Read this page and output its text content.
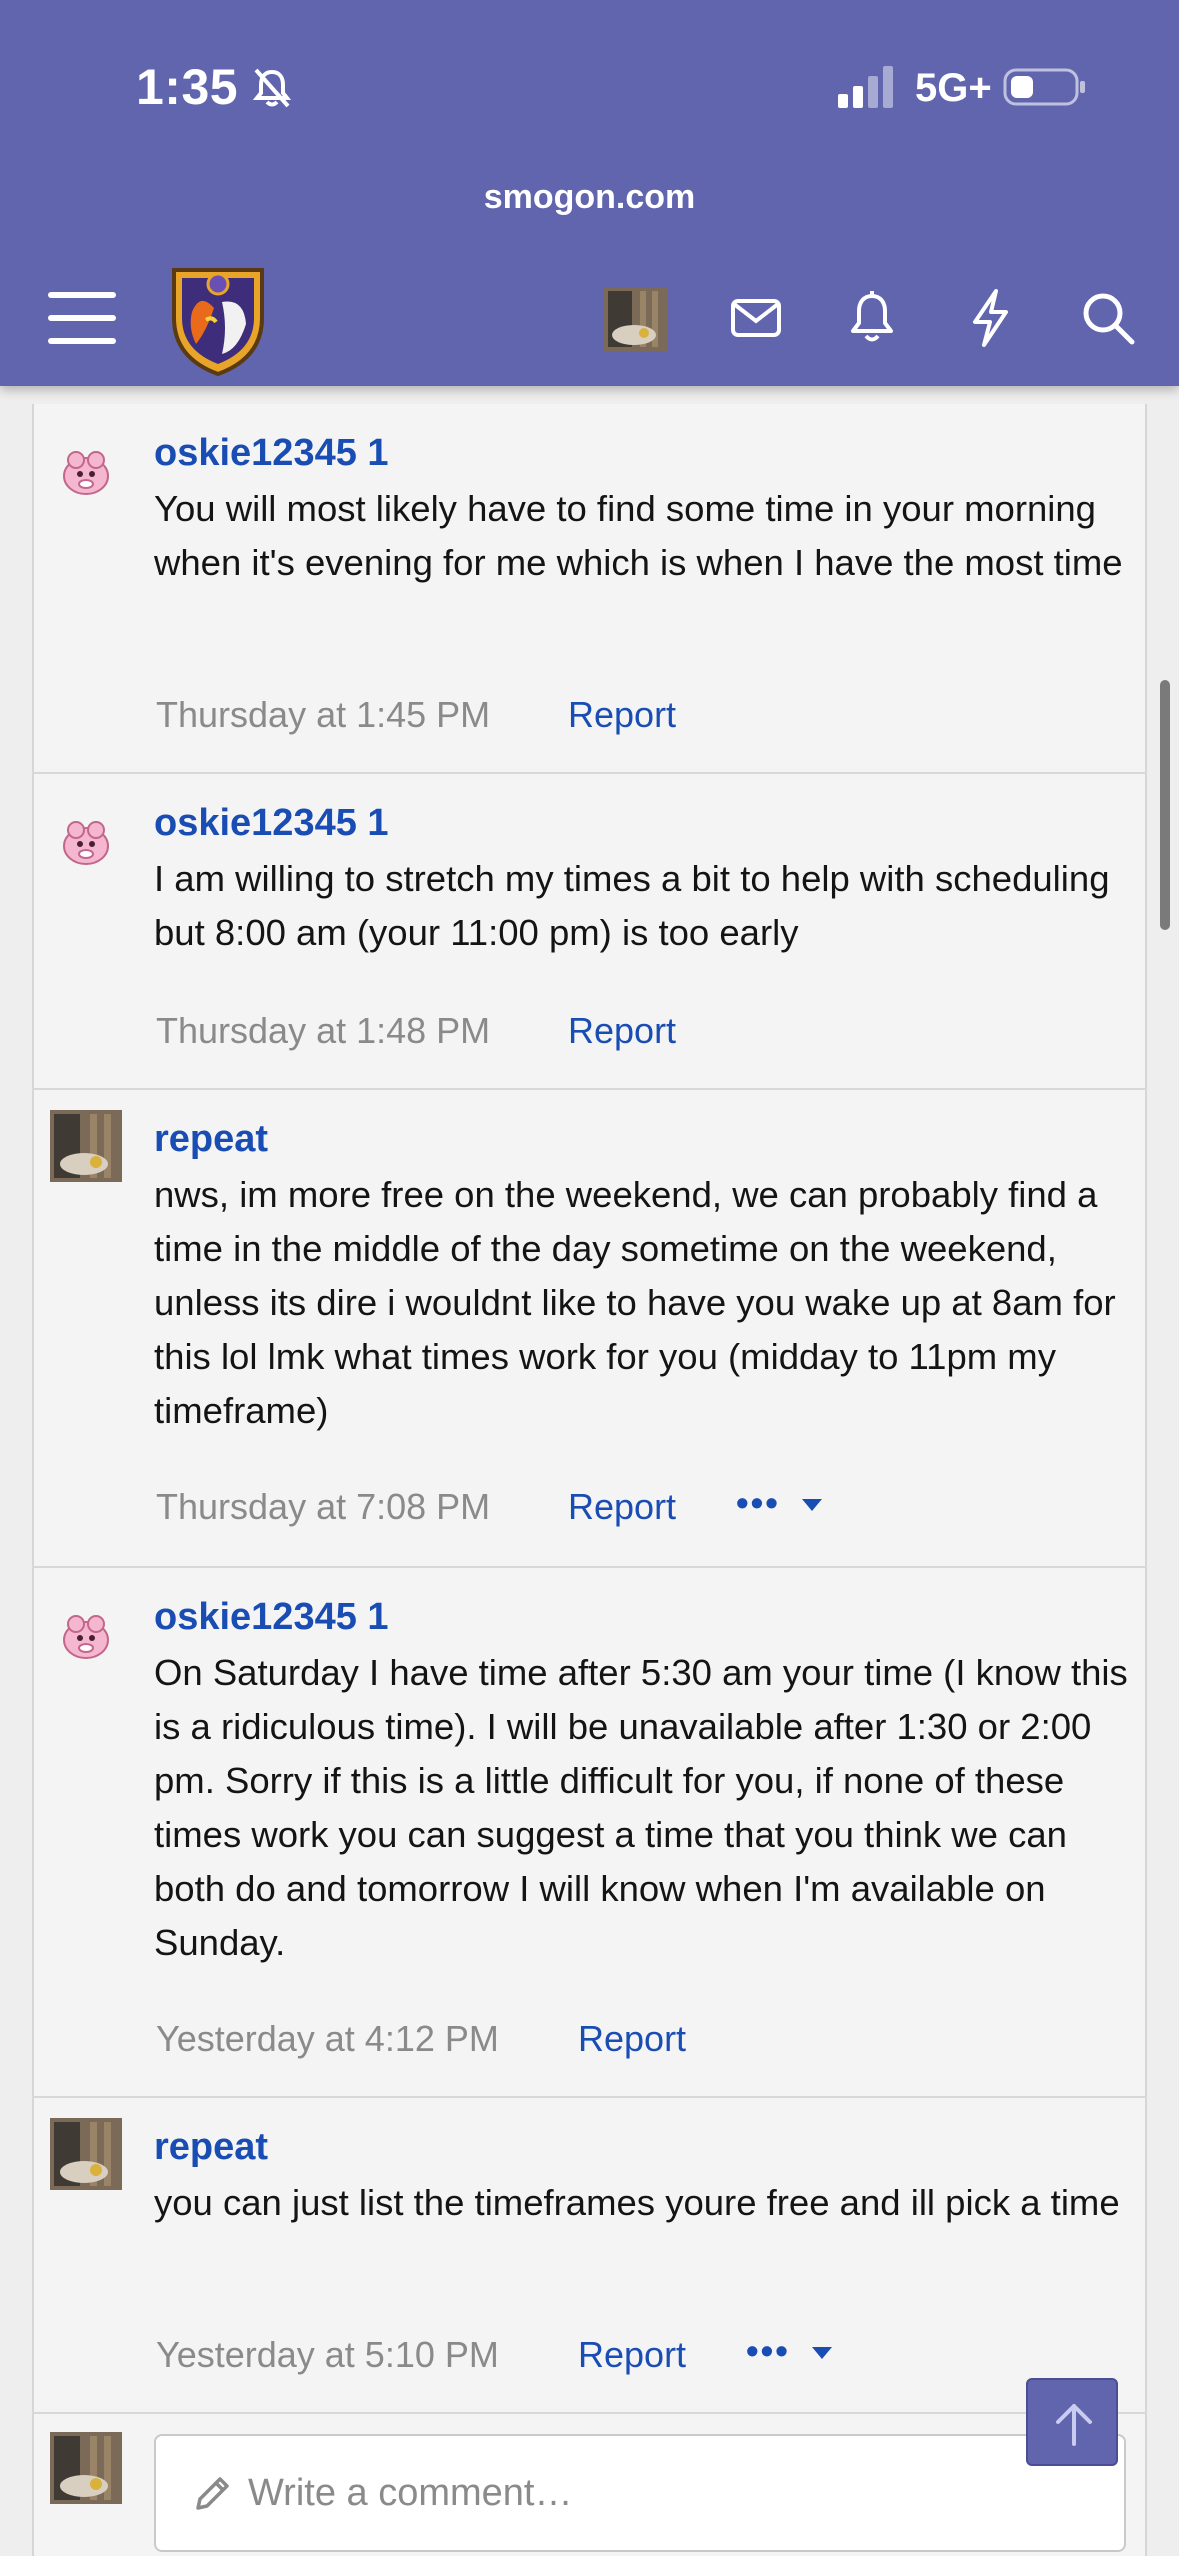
1:35	5G+
smogon.com
oskie12345 1
You will most likely have to find some time in your morning when it's evening for me which is when I have the most time
Thursday at 1:45 PM Report
oskie12345 1
I am willing to stretch my times a bit to help with scheduling but 8:00 am (your 11:00 pm) is too early
Thursday at 1:48 PM Report
repeat
nws, im more free on the weekend, we can probably find a time in the middle of the day sometime on the weekend, unless its dire i wouldnt like to have you wake up at 8am for this lol lmk what times work for you (midday to 11pm my timeframe)
Thursday at 7:08 PM Report •••
oskie12345 1
On Saturday I have time after 5:30 am your time (I know this is a ridiculous time). I will be unavailable after 1:30 or 2:00 pm. Sorry if this is a little difficult for you, if none of these times work you can suggest a time that you think we can both do and tomorrow I will know when I'm available on Sunday.
Yesterday at 4:12 PM Report
repeat
you can just list the timeframes youre free and ill pick a time
Yesterday at 5:10 PM Report •••
Write a comment…
